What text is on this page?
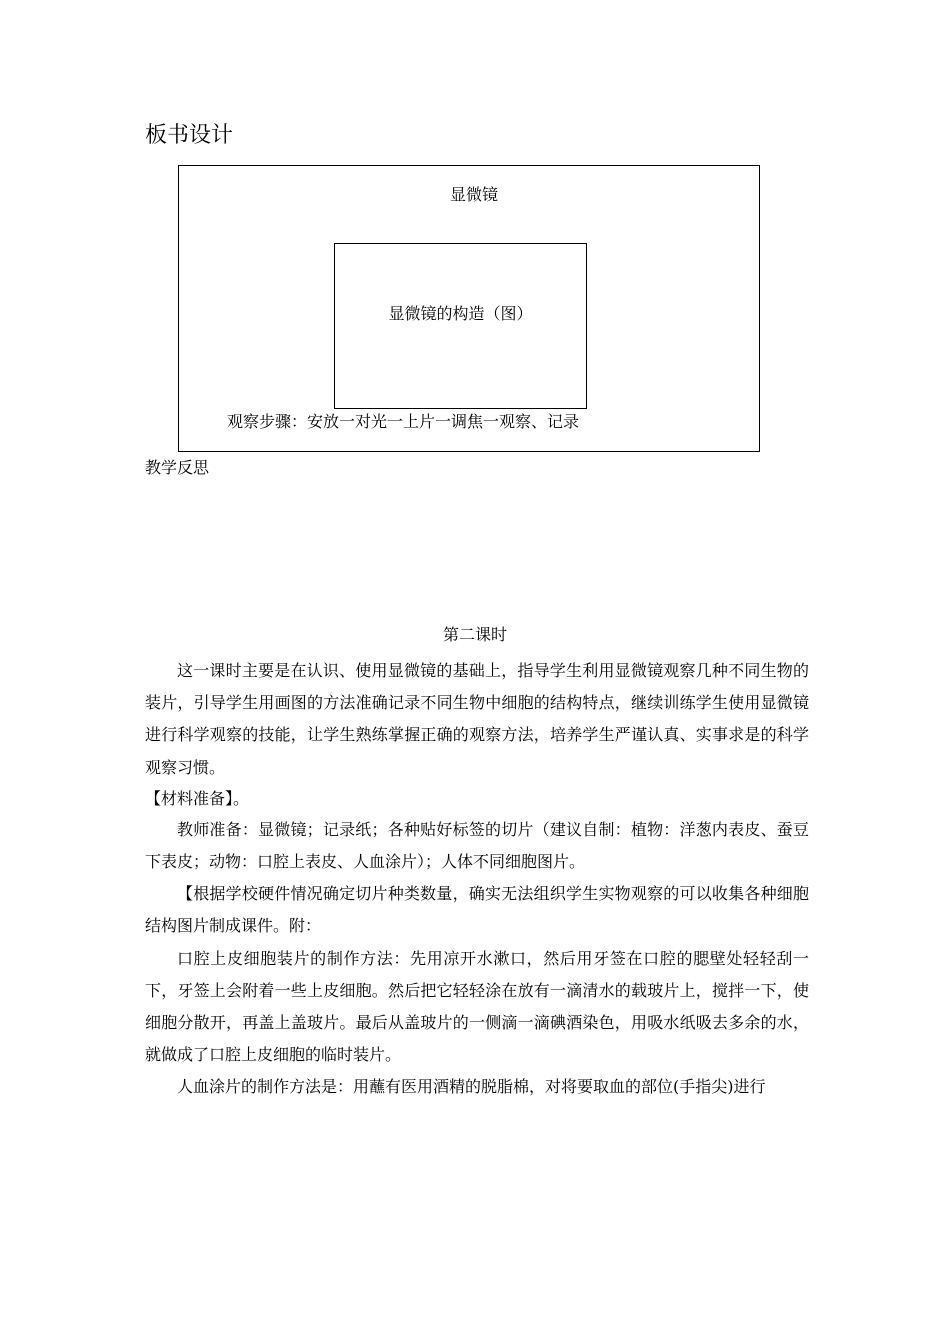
板书设计
显微镜
显微镜的构造（图）
观察步骤：安放一对光一上片一调焦一观察、记录
教学反思
第二课时

这一课时主要是在认识、使用显微镜的基础上，指导学生利用显微镜观察几种不同生物的装片，引导学生用画图的方法准确记录不同生物中细胞的结构特点，继续训练学生使用显微镜进行科学观察的技能，让学生熟练掌握正确的观察方法，培养学生严谨认真、实事求是的科学观察习惯。

【材料准备】。

教师准备：显微镜；记录纸；各种贴好标签的切片（建议自制：植物：洋葱内表皮、蚕豆下表皮；动物：口腔上表皮、人血涂片）；人体不同细胞图片。

【根据学校硬件情况确定切片种类数量，确实无法组织学生实物观察的可以收集各种细胞结构图片制成课件。附：

口腔上皮细胞装片的制作方法：先用凉开水漱口，然后用牙签在口腔的腮壁处轻轻刮一下，牙签上会附着一些上皮细胞。然后把它轻轻涂在放有一滴清水的载玻片上，搅拌一下，使细胞分散开，再盖上盖玻片。最后从盖玻片的一侧滴一滴碘酒染色，用吸水纸吸去多余的水，就做成了口腔上皮细胞的临时装片。

人血涂片的制作方法是：用蘸有医用酒精的脱脂棉，对将要取血的部位(手指尖)进行
